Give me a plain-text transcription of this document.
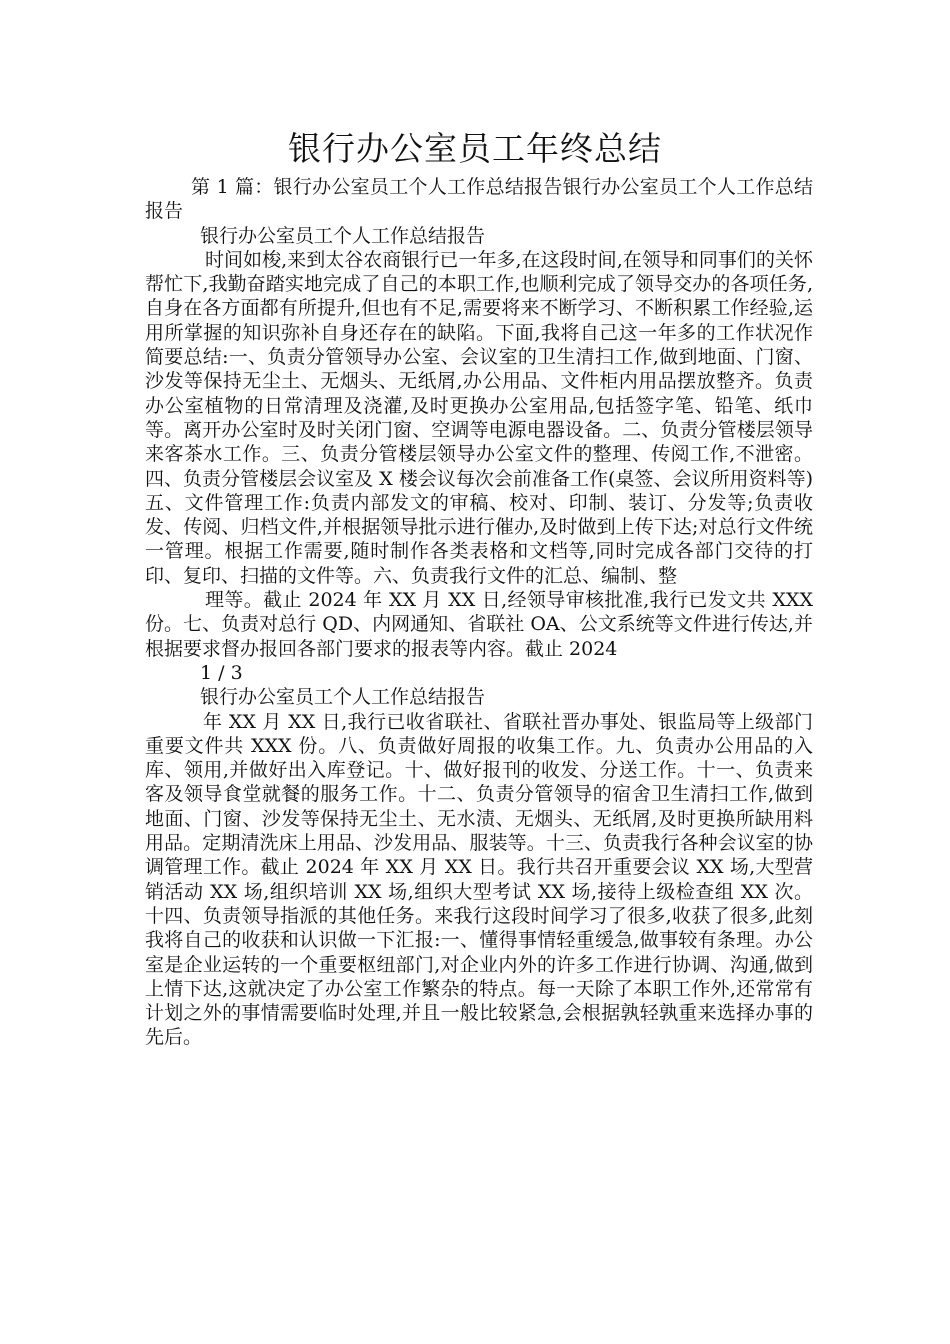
银行办公室员工年终总结

第 1 篇：银行办公室员工个人工作总结报告银行办公室员工个人工作总结报告

银行办公室员工个人工作总结报告

时间如梭,来到太谷农商银行已一年多,在这段时间,在领导和同事们的关怀帮忙下,我勤奋踏实地完成了自己的本职工作,也顺利完成了领导交办的各项任务,自身在各方面都有所提升,但也有不足,需要将来不断学习、不断积累工作经验,运用所掌握的知识弥补自身还存在的缺陷。下面,我将自己这一年多的工作状况作简要总结:一、负责分管领导办公室、会议室的卫生清扫工作,做到地面、门窗、沙发等保持无尘土、无烟头、无纸屑,办公用品、文件柜内用品摆放整齐。负责办公室植物的日常清理及浇灌,及时更换办公室用品,包括签字笔、铅笔、纸巾等。离开办公室时及时关闭门窗、空调等电源电器设备。二、负责分管楼层领导来客茶水工作。三、负责分管楼层领导办公室文件的整理、传阅工作,不泄密。四、负责分管楼层会议室及 X 楼会议每次会前准备工作(桌签、会议所用资料等)五、文件管理工作:负责内部发文的审稿、校对、印制、装订、分发等;负责收发、传阅、归档文件,并根据领导批示进行催办,及时做到上传下达;对总行文件统一管理。根据工作需要,随时制作各类表格和文档等,同时完成各部门交待的打印、复印、扫描的文件等。六、负责我行文件的汇总、编制、整

理等。截止 2024 年 XX 月 XX 日,经领导审核批准,我行已发文共 XXX 份。七、负责对总行 QD、内网通知、省联社 OA、公文系统等文件进行传达,并根据要求督办报回各部门要求的报表等内容。截止 2024

1 / 3

银行办公室员工个人工作总结报告

年 XX 月 XX 日,我行已收省联社、省联社晋办事处、银监局等上级部门重要文件共 XXX 份。八、负责做好周报的收集工作。九、负责办公用品的入库、领用,并做好出入库登记。十、做好报刊的收发、分送工作。十一、负责来客及领导食堂就餐的服务工作。十二、负责分管领导的宿舍卫生清扫工作,做到地面、门窗、沙发等保持无尘土、无水渍、无烟头、无纸屑,及时更换所缺用料用品。定期清洗床上用品、沙发用品、服装等。十三、负责我行各种会议室的协调管理工作。截止 2024 年 XX 月 XX 日。我行共召开重要会议 XX 场,大型营销活动 XX 场,组织培训 XX 场,组织大型考试 XX 场,接待上级检查组 XX 次。十四、负责领导指派的其他任务。来我行这段时间学习了很多,收获了很多,此刻我将自己的收获和认识做一下汇报:一、懂得事情轻重缓急,做事较有条理。办公室是企业运转的一个重要枢纽部门,对企业内外的许多工作进行协调、沟通,做到上情下达,这就决定了办公室工作繁杂的特点。每一天除了本职工作外,还常常有计划之外的事情需要临时处理,并且一般比较紧急,会根据孰轻孰重来选择办事的先后。
